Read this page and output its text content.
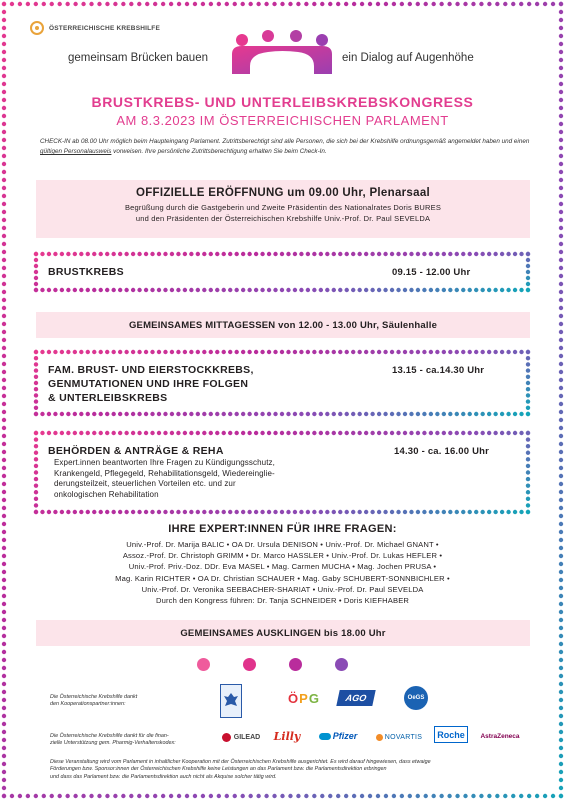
ÖSTERREICHISCHE KREBSHILFE
gemeinsam Brücken bauen	ein Dialog auf Augenhöhe
BRUSTKREBS- UND UNTERLEIBSKREBSKONGRESS
AM 8.3.2023 IM ÖSTERREICHISCHEN PARLAMENT
CHECK-IN ab 08.00 Uhr möglich beim Haupteingang Parlament. Zutrittsberechtigt sind alle Personen, die sich bei der Krebshilfe ordnungsgemäß angemeldet haben und einen gültigen Personalausweis vorweisen. Ihre persönliche Zutrittsberechtigung erhalten Sie beim Check-In.
OFFIZIELLE ERÖFFNUNG um 09.00 Uhr, Plenarsaal
Begrüßung durch die Gastgeberin und Zweite Präsidentin des Nationalrates Doris BURES
und den Präsidenten der Österreichischen Krebshilfe Univ.-Prof. Dr. Paul SEVELDA
BRUSTKREBS	09.15 - 12.00 Uhr
GEMEINSAMES MITTAGESSEN von 12.00 - 13.00 Uhr, Säulenhalle
FAM. BRUST- UND EIERSTOCKKREBS,
GENMUTATIONEN UND IHRE FOLGEN
& UNTERLEIBSKREBS
13.15 - ca.14.30 Uhr
BEHÖRDEN & ANTRÄGE & REHA	14.30 - ca. 16.00 Uhr
Expert.innen beantworten Ihre Fragen zu Kündigungsschutz,
Krankengeld, Pflegegeld, Rehabilitationsgeld, Wiedereinglie-
derungsteilzeit, steuerlichen Vorteilen etc. und zur
onkologischen Rehabilitation
IHRE EXPERT:INNEN FÜR IHRE FRAGEN:
Univ.-Prof. Dr. Marija BALIC • OA Dr. Ursula DENISON • Univ.-Prof. Dr. Michael GNANT •
Assoz.-Prof. Dr. Christoph GRIMM • Dr. Marco HASSLER • Univ.-Prof. Dr. Lukas HEFLER •
Univ.-Prof. Priv.-Doz. DDr. Eva MASEL • Mag. Carmen MUCHA • Mag. Jochen PRUSA •
Mag. Karin RICHTER • OA Dr. Christian SCHAUER • Mag. Gaby SCHUBERT-SONNBICHLER •
Univ.-Prof. Dr. Veronika SEEBACHER-SHARIAT • Univ.-Prof. Dr. Paul SEVELDA
Durch den Kongress führen: Dr. Tanja SCHNEIDER • Doris KIEFHABER
GEMEINSAMES AUSKLINGEN bis 18.00 Uhr
Die Österreichische Krebshilfe dankt
den Kooperationspartner:innen:
Die Österreichische Krebshilfe dankt für die finan-
zielle Unterstützung gem. Pharmig-Verhaltenskodex:
ÖPG	AGO	OeGS
GILEAD Lilly	Pfizer	NOVARTIS Roche AstraZeneca
Diese Veranstaltung wird vom Parlament in inhaltlicher Kooperation mit der Österreichischen Krebshilfe ausgerichtet. Es wird darauf hingewiesen, dass etwaige
Förderungen bzw. Sponsor:innen der Österreichischen Krebshilfe keine Leistungen an das Parlament bzw. die Parlamentsdirektion erbringen
und dass das Parlament bzw. die Parlamentsdirektion auch nicht als Akquise solcher tätig wird.
